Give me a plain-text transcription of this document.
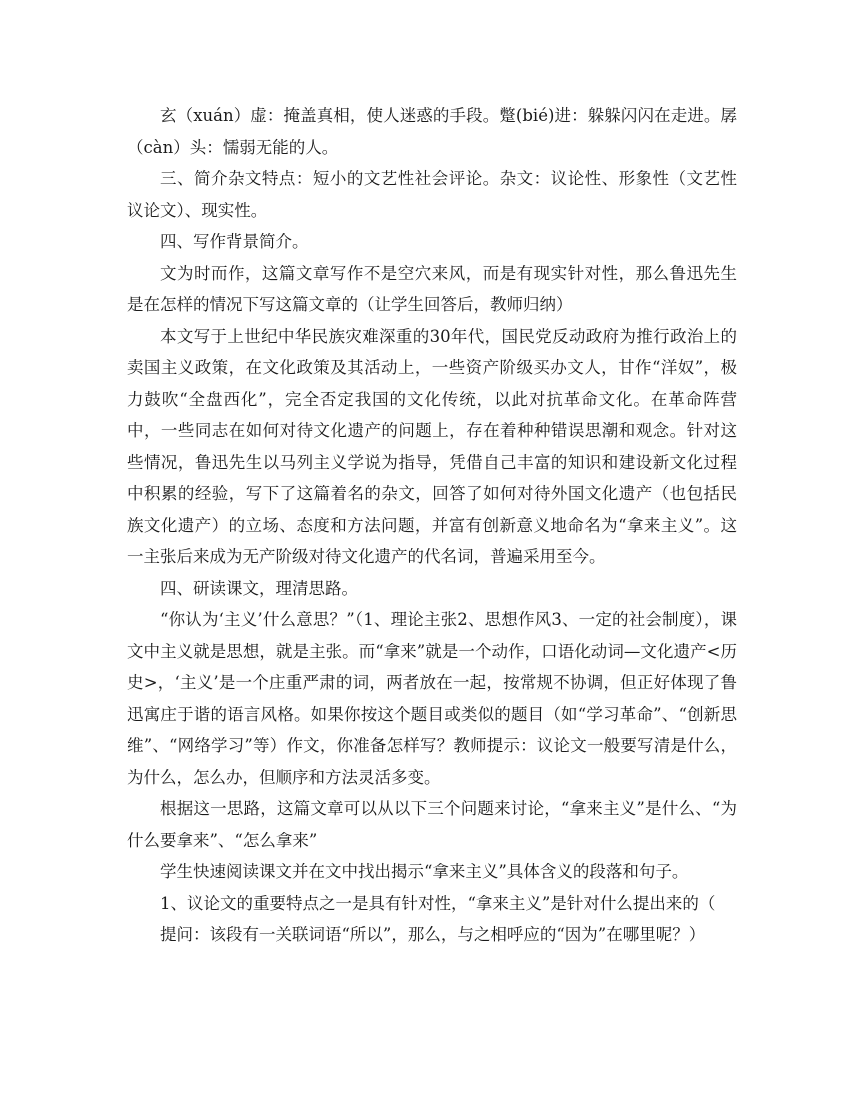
玄（xuán）虚：掩盖真相，使人迷惑的手段。蹩(bié)进：躲躲闪闪在走进。孱（càn）头：懦弱无能的人。

三、简介杂文特点：短小的文艺性社会评论。杂文：议论性、形象性（文艺性议论文）、现实性。

四、写作背景简介。

文为时而作，这篇文章写作不是空穴来风，而是有现实针对性，那么鲁迅先生是在怎样的情况下写这篇文章的（让学生回答后，教师归纳）

本文写于上世纪中华民族灾难深重的30年代，国民党反动政府为推行政治上的卖国主义政策，在文化政策及其活动上，一些资产阶级买办文人，甘作“洋奴”，极力鼓吹“全盘西化”，完全否定我国的文化传统，以此对抗革命文化。在革命阵营中，一些同志在如何对待文化遗产的问题上，存在着种种错误思潮和观念。针对这些情况，鲁迅先生以马列主义学说为指导，凭借自己丰富的知识和建设新文化过程中积累的经验，写下了这篇着名的杂文，回答了如何对待外国文化遗产（也包括民族文化遗产）的立场、态度和方法问题，并富有创新意义地命名为“拿来主义”。这一主张后来成为无产阶级对待文化遗产的代名词，普遍采用至今。

四、研读课文，理清思路。

“你认为‘主义’什么意思？”（1、理论主张2、思想作风3、一定的社会制度），课文中主义就是思想，就是主张。而“拿来”就是一个动作，口语化动词—文化遗产<历史>，‘主义’是一个庄重严肃的词，两者放在一起，按常规不协调，但正好体现了鲁迅寓庄于谐的语言风格。如果你按这个题目或类似的题目（如“学习革命”、“创新思维”、“网络学习”等）作文，你准备怎样写？教师提示：议论文一般要写清是什么，为什么，怎么办，但顺序和方法灵活多变。

根据这一思路，这篇文章可以从以下三个问题来讨论，“拿来主义”是什么、“为什么要拿来”、“怎么拿来”

学生快速阅读课文并在文中找出揭示“拿来主义”具体含义的段落和句子。

1、议论文的重要特点之一是具有针对性，“拿来主义”是针对什么提出来的（

提问：该段有一关联词语“所以”，那么，与之相呼应的“因为”在哪里呢？）
